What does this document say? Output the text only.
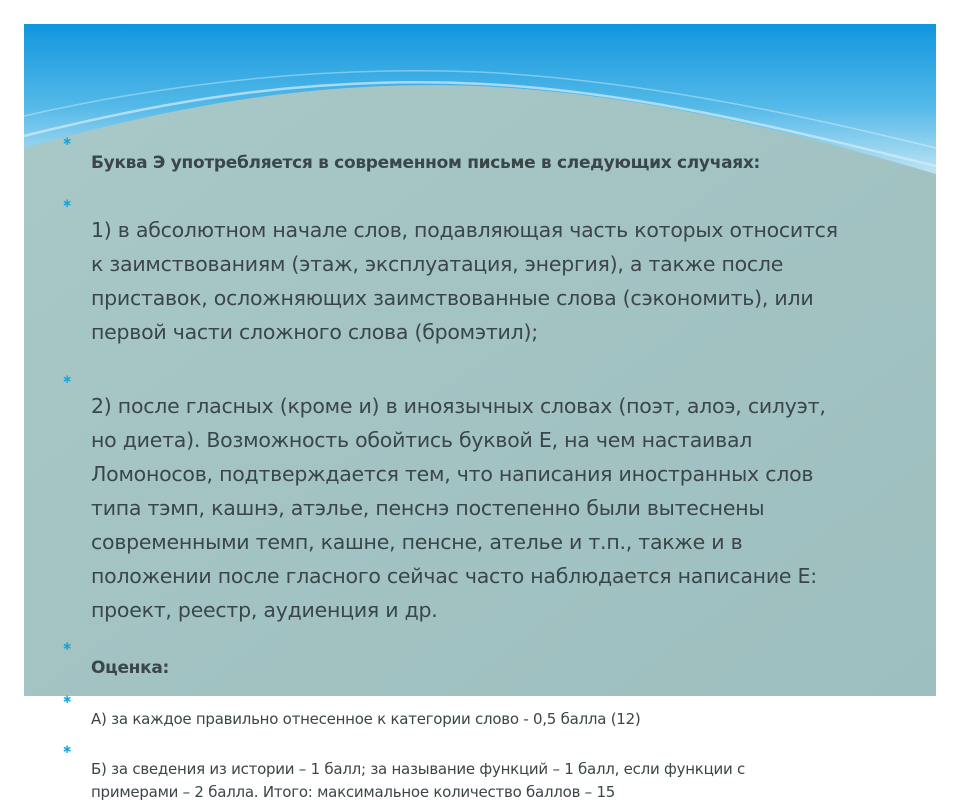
∗
Буква Э употребляется в современном письме в следующих случаях:

∗
1) в абсолютном начале слов, подавляющая часть которых относится
к заимствованиям (этаж, эксплуатация, энергия), а также после
приставок, осложняющих заимствованные слова (сэкономить), или
первой части сложного слова (бромэтил);

∗
2) после гласных (кроме и) в иноязычных словах (поэт, алоэ, силуэт,
но диета). Возможность обойтись буквой Е, на чем настаивал
Ломоносов, подтверждается тем, что написания иностранных слов
типа тэмп, кашнэ, атэлье, пенснэ постепенно были вытеснены
современными темп, кашне, пенсне, ателье и т.п., также и в
положении после гласного сейчас часто наблюдается написание Е:
проект, реестр, аудиенция и др.

∗
Оценка:

∗
А) за каждое правильно отнесенное к категории слово - 0,5 балла (12)

∗
Б) за сведения из истории – 1 балл; за называние функций – 1 балл, если функции с
примерами – 2 балла. Итого: максимальное количество баллов – 15
